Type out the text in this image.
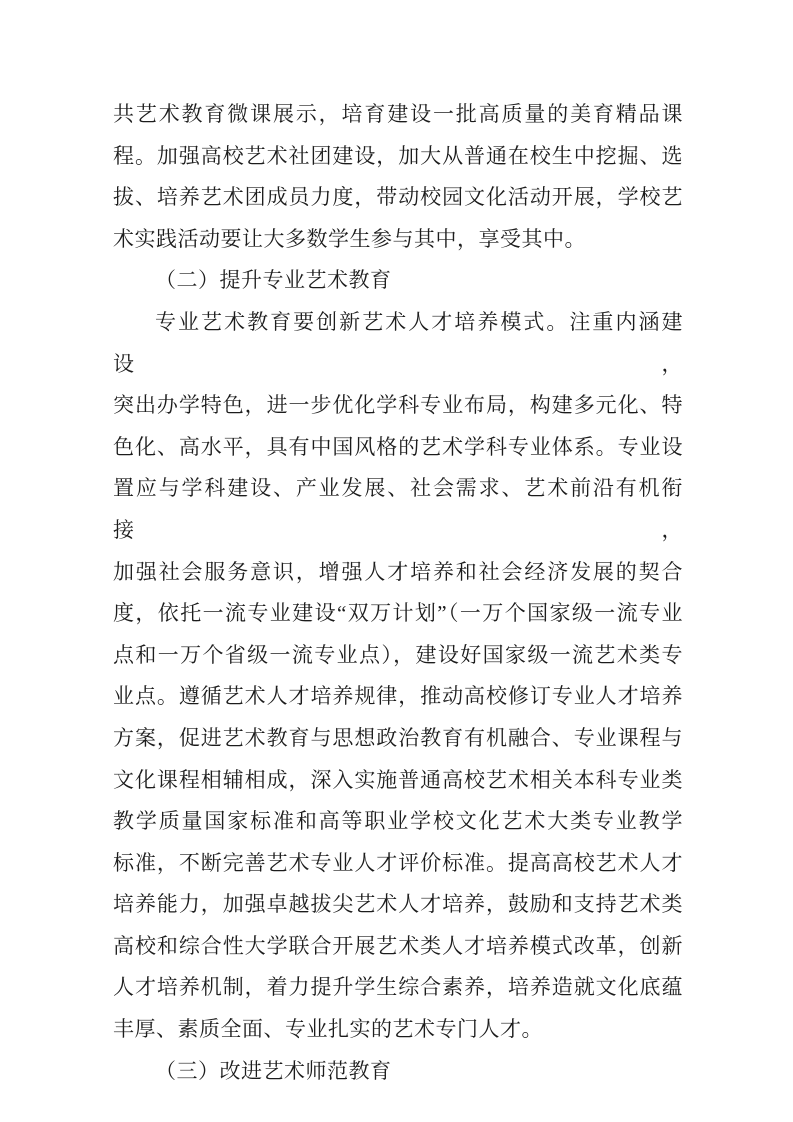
共艺术教育微课展示，培育建设一批高质量的美育精品课
程。加强高校艺术社团建设，加大从普通在校生中挖掘、选
拔、培养艺术团成员力度，带动校园文化活动开展，学校艺
术实践活动要让大多数学生参与其中，享受其中。
（二）提升专业艺术教育
专业艺术教育要创新艺术人才培养模式。注重内涵建设，
突出办学特色，进一步优化学科专业布局，构建多元化、特
色化、高水平，具有中国风格的艺术学科专业体系。专业设
置应与学科建设、产业发展、社会需求、艺术前沿有机衔接，
加强社会服务意识，增强人才培养和社会经济发展的契合
度，依托一流专业建设“双万计划”（一万个国家级一流专业
点和一万个省级一流专业点），建设好国家级一流艺术类专
业点。遵循艺术人才培养规律，推动高校修订专业人才培养
方案，促进艺术教育与思想政治教育有机融合、专业课程与
文化课程相辅相成，深入实施普通高校艺术相关本科专业类
教学质量国家标准和高等职业学校文化艺术大类专业教学
标准，不断完善艺术专业人才评价标准。提高高校艺术人才
培养能力，加强卓越拔尖艺术人才培养，鼓励和支持艺术类
高校和综合性大学联合开展艺术类人才培养模式改革，创新
人才培养机制，着力提升学生综合素养，培养造就文化底蕴
丰厚、素质全面、专业扎实的艺术专门人才。
（三）改进艺术师范教育
